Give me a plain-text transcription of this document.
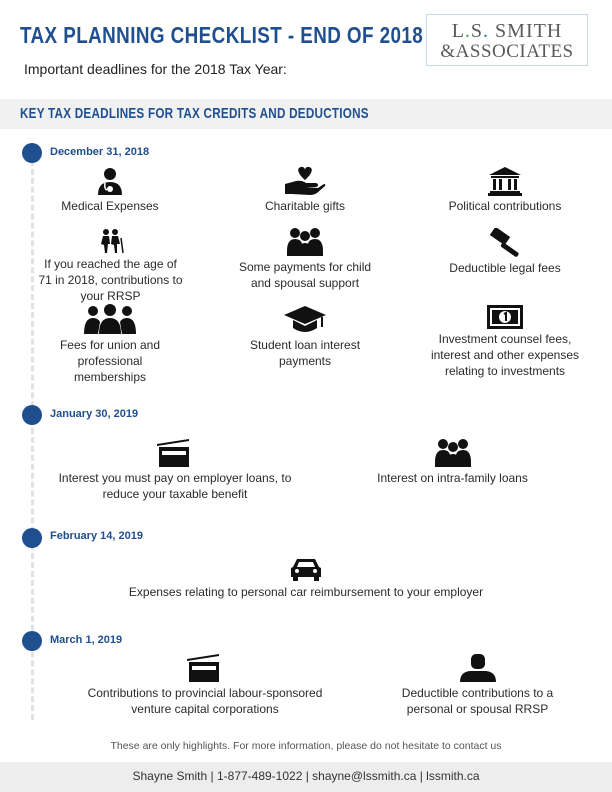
TAX PLANNING CHECKLIST - END OF 2018
Important deadlines for the 2018 Tax Year:
L.S. SMITH
&ASSOCIATES
KEY TAX DEADLINES FOR TAX CREDITS AND DEDUCTIONS
December 31, 2018
Medical Expenses	Charitable gifts	Political contributions
If you reached the age of 71 in 2018, contributions to your RRSP
Some payments for child and spousal support
Deductible legal fees
Fees for union and professional memberships
Student loan interest payments
Investment counsel fees, interest and other expenses relating to investments
January 30, 2019
Interest you must pay on employer loans, to reduce your taxable benefit
Interest on intra-family loans
February 14, 2019
Expenses relating to personal car reimbursement to your employer
March 1, 2019
Contributions to provincial labour-sponsored venture capital corporations
Deductible contributions to a personal or spousal RRSP
These are only highlights. For more information, please do not hesitate to contact us
Shayne Smith | 1-877-489-1022 | shayne@lssmith.ca | lssmith.ca
